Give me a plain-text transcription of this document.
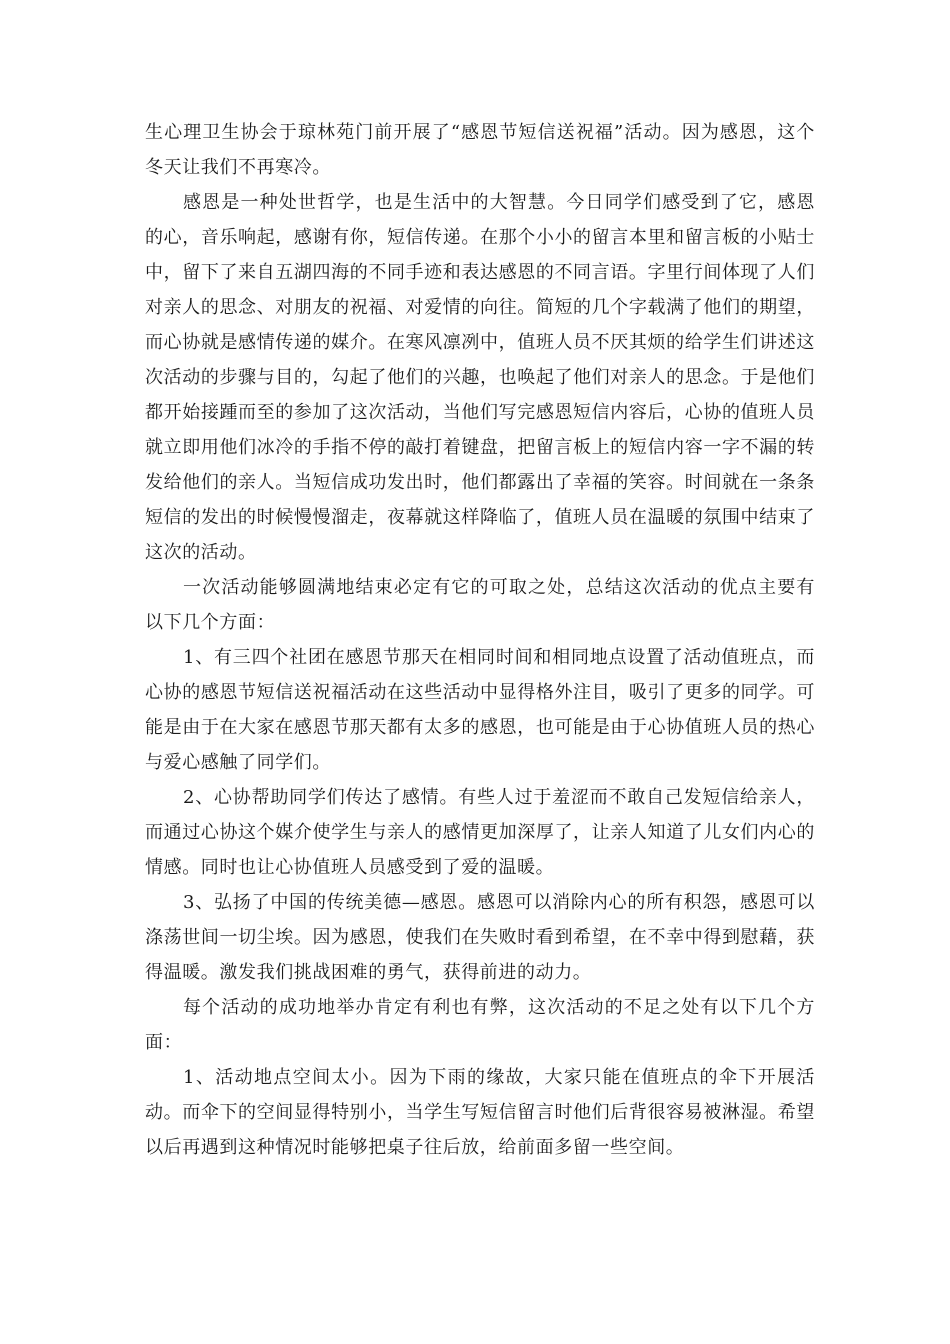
生心理卫生协会于琼林苑门前开展了“感恩节短信送祝福”活动。因为感恩，这个冬天让我们不再寒冷。

感恩是一种处世哲学，也是生活中的大智慧。今日同学们感受到了它，感恩的心，音乐响起，感谢有你，短信传递。在那个小小的留言本里和留言板的小贴士中，留下了来自五湖四海的不同手迹和表达感恩的不同言语。字里行间体现了人们对亲人的思念、对朋友的祝福、对爱情的向往。简短的几个字载满了他们的期望，而心协就是感情传递的媒介。在寒风凛冽中，值班人员不厌其烦的给学生们讲述这次活动的步骤与目的，勾起了他们的兴趣，也唤起了他们对亲人的思念。于是他们都开始接踵而至的参加了这次活动，当他们写完感恩短信内容后，心协的值班人员就立即用他们冰冷的手指不停的敲打着键盘，把留言板上的短信内容一字不漏的转发给他们的亲人。当短信成功发出时，他们都露出了幸福的笑容。时间就在一条条短信的发出的时候慢慢溜走，夜幕就这样降临了，值班人员在温暖的氛围中结束了这次的活动。

一次活动能够圆满地结束必定有它的可取之处，总结这次活动的优点主要有以下几个方面：

1、有三四个社团在感恩节那天在相同时间和相同地点设置了活动值班点，而心协的感恩节短信送祝福活动在这些活动中显得格外注目，吸引了更多的同学。可能是由于在大家在感恩节那天都有太多的感恩，也可能是由于心协值班人员的热心与爱心感触了同学们。

2、心协帮助同学们传达了感情。有些人过于羞涩而不敢自己发短信给亲人，而通过心协这个媒介使学生与亲人的感情更加深厚了，让亲人知道了儿女们内心的情感。同时也让心协值班人员感受到了爱的温暖。

3、弘扬了中国的传统美德—感恩。感恩可以消除内心的所有积怨，感恩可以涤荡世间一切尘埃。因为感恩，使我们在失败时看到希望，在不幸中得到慰藉，获得温暖。激发我们挑战困难的勇气，获得前进的动力。

每个活动的成功地举办肯定有利也有弊，这次活动的不足之处有以下几个方面：

1、活动地点空间太小。因为下雨的缘故，大家只能在值班点的伞下开展活动。而伞下的空间显得特别小，当学生写短信留言时他们后背很容易被淋湿。希望以后再遇到这种情况时能够把桌子往后放，给前面多留一些空间。
